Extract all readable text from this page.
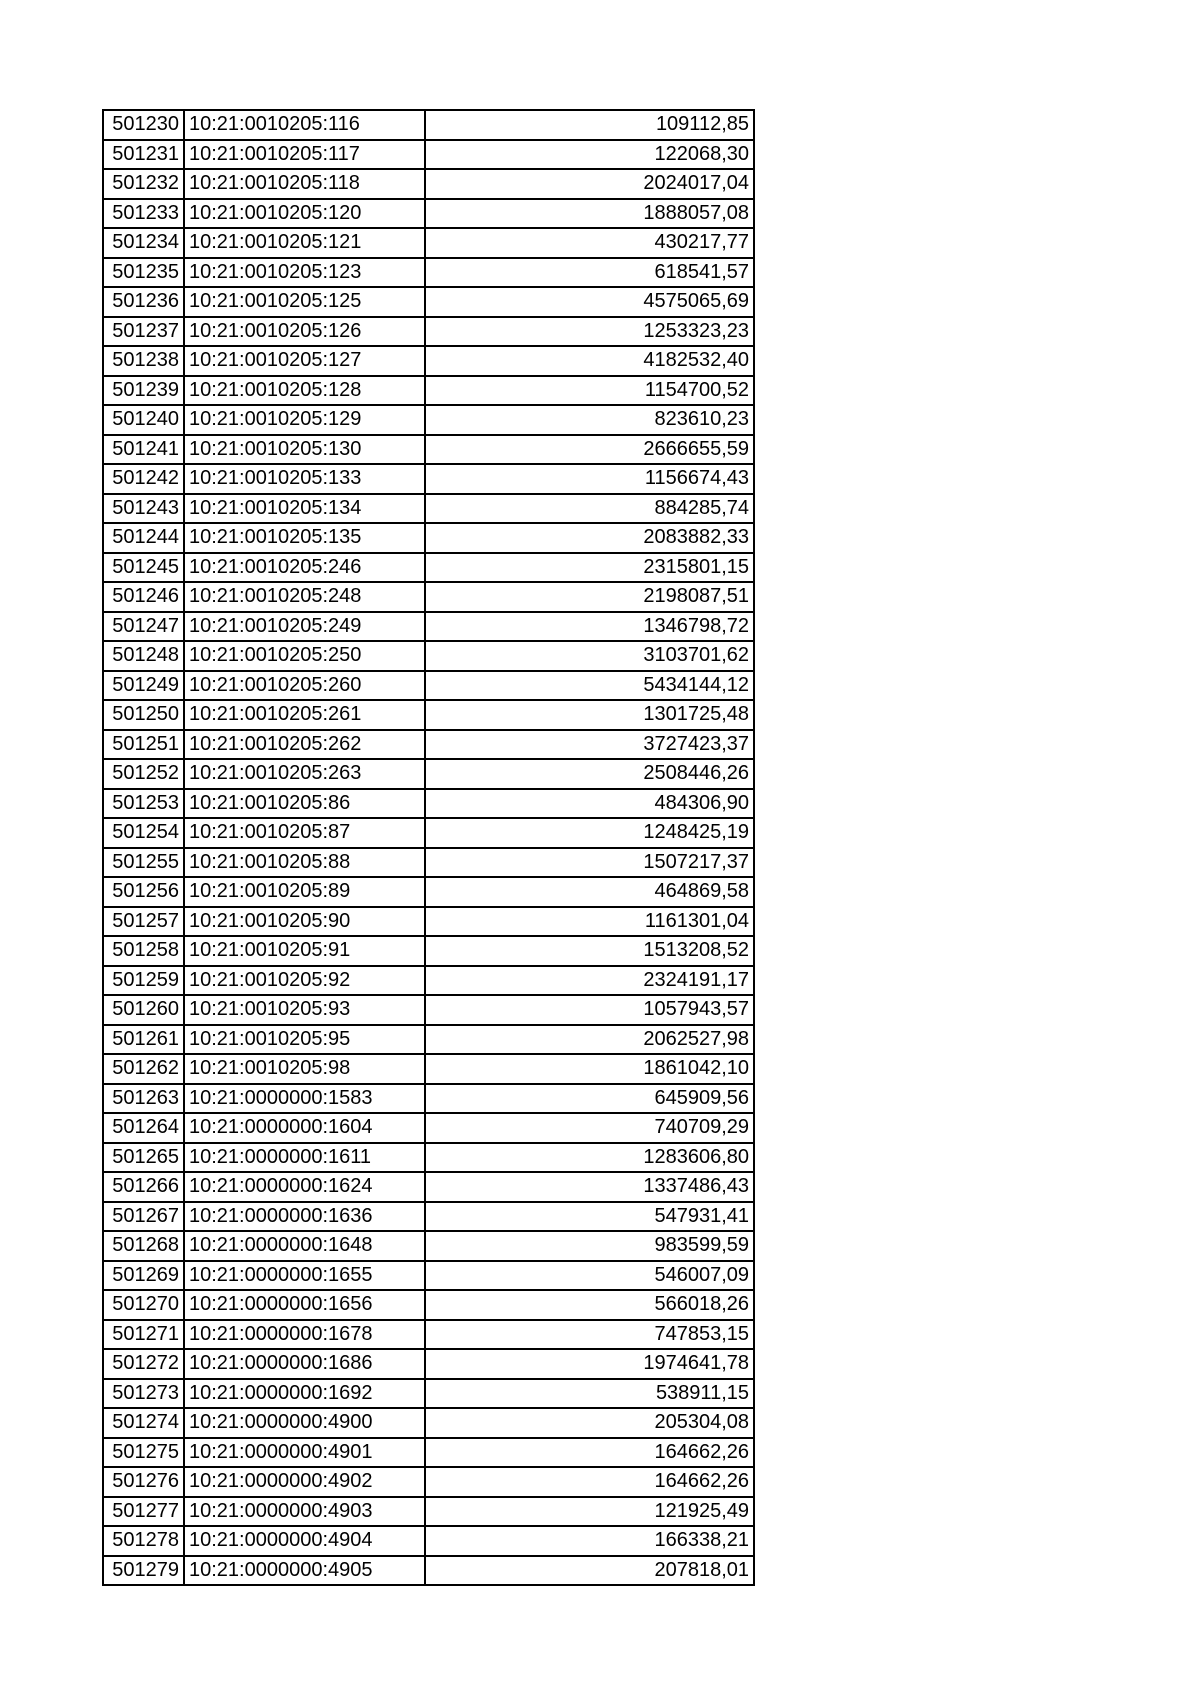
501230	10:21:0010205:116	109112,85
501231	10:21:0010205:117	122068,30
501232	10:21:0010205:118	2024017,04
501233	10:21:0010205:120	1888057,08
501234	10:21:0010205:121	430217,77
501235	10:21:0010205:123	618541,57
501236	10:21:0010205:125	4575065,69
501237	10:21:0010205:126	1253323,23
501238	10:21:0010205:127	4182532,40
501239	10:21:0010205:128	1154700,52
501240	10:21:0010205:129	823610,23
501241	10:21:0010205:130	2666655,59
501242	10:21:0010205:133	1156674,43
501243	10:21:0010205:134	884285,74
501244	10:21:0010205:135	2083882,33
501245	10:21:0010205:246	2315801,15
501246	10:21:0010205:248	2198087,51
501247	10:21:0010205:249	1346798,72
501248	10:21:0010205:250	3103701,62
501249	10:21:0010205:260	5434144,12
501250	10:21:0010205:261	1301725,48
501251	10:21:0010205:262	3727423,37
501252	10:21:0010205:263	2508446,26
501253	10:21:0010205:86	484306,90
501254	10:21:0010205:87	1248425,19
501255	10:21:0010205:88	1507217,37
501256	10:21:0010205:89	464869,58
501257	10:21:0010205:90	1161301,04
501258	10:21:0010205:91	1513208,52
501259	10:21:0010205:92	2324191,17
501260	10:21:0010205:93	1057943,57
501261	10:21:0010205:95	2062527,98
501262	10:21:0010205:98	1861042,10
501263	10:21:0000000:1583	645909,56
501264	10:21:0000000:1604	740709,29
501265	10:21:0000000:1611	1283606,80
501266	10:21:0000000:1624	1337486,43
501267	10:21:0000000:1636	547931,41
501268	10:21:0000000:1648	983599,59
501269	10:21:0000000:1655	546007,09
501270	10:21:0000000:1656	566018,26
501271	10:21:0000000:1678	747853,15
501272	10:21:0000000:1686	1974641,78
501273	10:21:0000000:1692	538911,15
501274	10:21:0000000:4900	205304,08
501275	10:21:0000000:4901	164662,26
501276	10:21:0000000:4902	164662,26
501277	10:21:0000000:4903	121925,49
501278	10:21:0000000:4904	166338,21
501279	10:21:0000000:4905	207818,01
